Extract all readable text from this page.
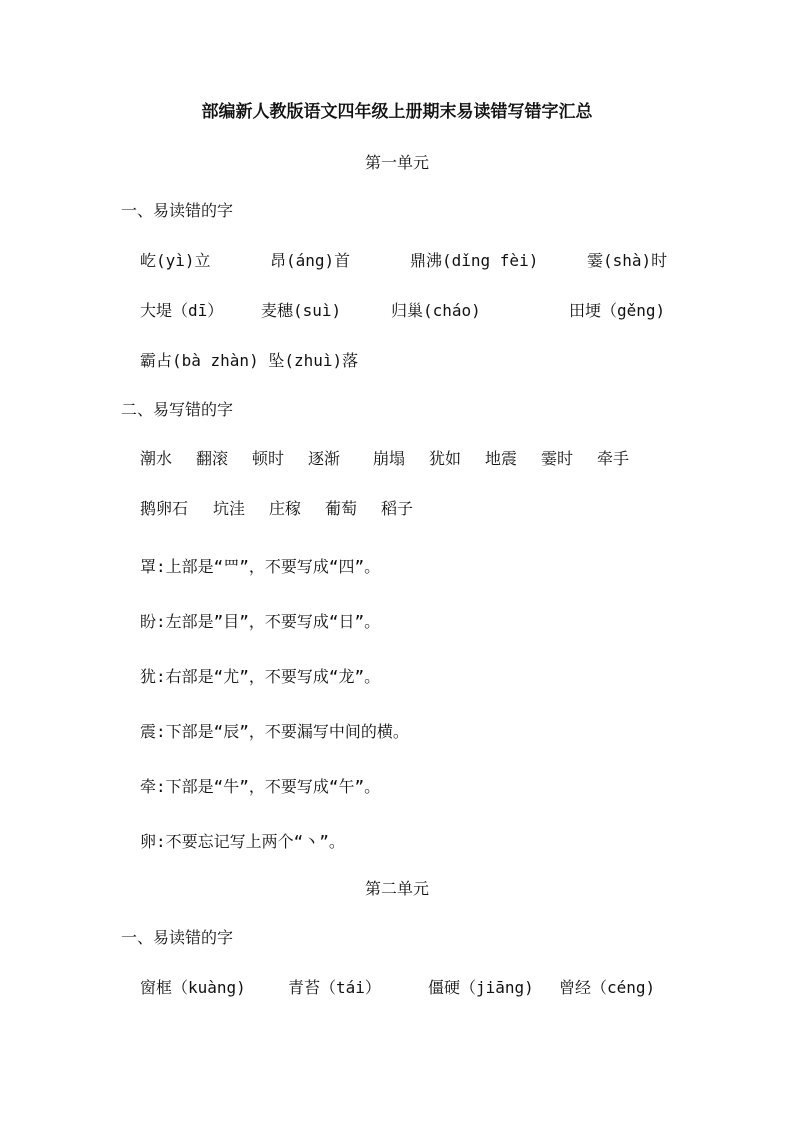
部编新人教版语文四年级上册期末易读错写错字汇总
第一单元
一、易读错的字
屹(yì)立	昂(áng)首	鼎沸(dǐng fèi)	霎(shà)时
大堤（dī） 麦穗(suì)	归巢(cháo)	田埂（gěng)
霸占(bà zhàn) 坠(zhuì)落
二、易写错的字
潮水 翻滚 顿时 逐渐 崩塌 犹如 地震 霎时 牵手
鹅卵石 坑洼 庄稼 葡萄 稻子
罩:上部是“罒”，不要写成“四”。
盼:左部是”目”，不要写成“日”。
犹:右部是“尤”，不要写成“龙”。
震:下部是“辰”，不要漏写中间的横。
牵:下部是“牛”，不要写成“午”。
卵:不要忘记写上两个“丶”。
第二单元
一、易读错的字
窗框（kuàng)	青苔（tái）	僵硬（jiāng) 曾经（céng)
